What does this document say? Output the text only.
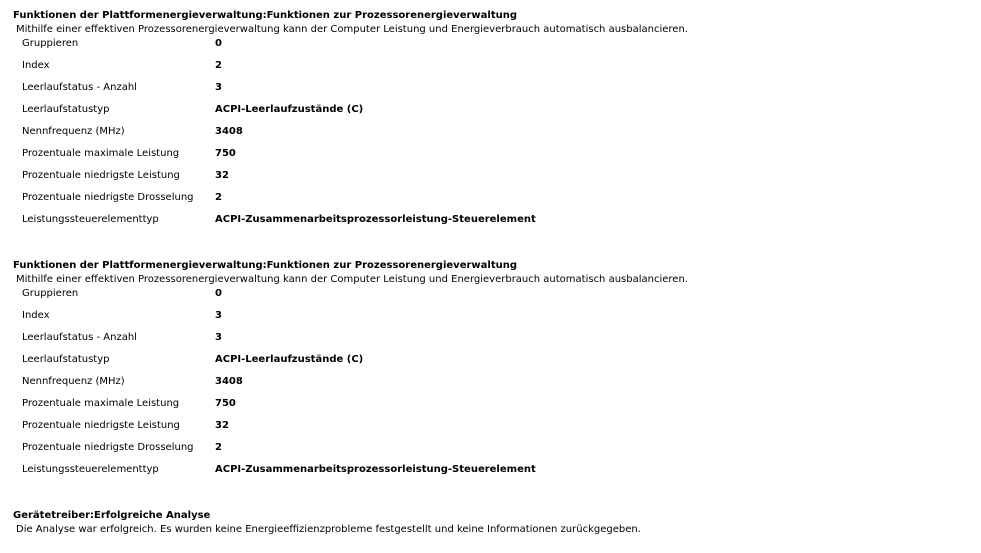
Funktionen der Plattformenergieverwaltung:Funktionen zur Prozessorenergieverwaltung
Mithilfe einer effektiven Prozessorenergieverwaltung kann der Computer Leistung und Energieverbrauch automatisch ausbalancieren.
Gruppieren	0
Index	2
Leerlaufstatus - Anzahl	3
Leerlaufstatustyp	ACPI-Leerlaufzustände (C)
Nennfrequenz (MHz)	3408
Prozentuale maximale Leistung	750
Prozentuale niedrigste Leistung	32
Prozentuale niedrigste Drosselung	2
Leistungssteuerelementtyp	ACPI-Zusammenarbeitsprozessorleistung-Steuerelement
Funktionen der Plattformenergieverwaltung:Funktionen zur Prozessorenergieverwaltung
Mithilfe einer effektiven Prozessorenergieverwaltung kann der Computer Leistung und Energieverbrauch automatisch ausbalancieren.
Gruppieren	0
Index	3
Leerlaufstatus - Anzahl	3
Leerlaufstatustyp	ACPI-Leerlaufzustände (C)
Nennfrequenz (MHz)	3408
Prozentuale maximale Leistung	750
Prozentuale niedrigste Leistung	32
Prozentuale niedrigste Drosselung	2
Leistungssteuerelementtyp	ACPI-Zusammenarbeitsprozessorleistung-Steuerelement
Gerätetreiber:Erfolgreiche Analyse
Die Analyse war erfolgreich. Es wurden keine Energieeffizienzprobleme festgestellt und keine Informationen zurückgegeben.
